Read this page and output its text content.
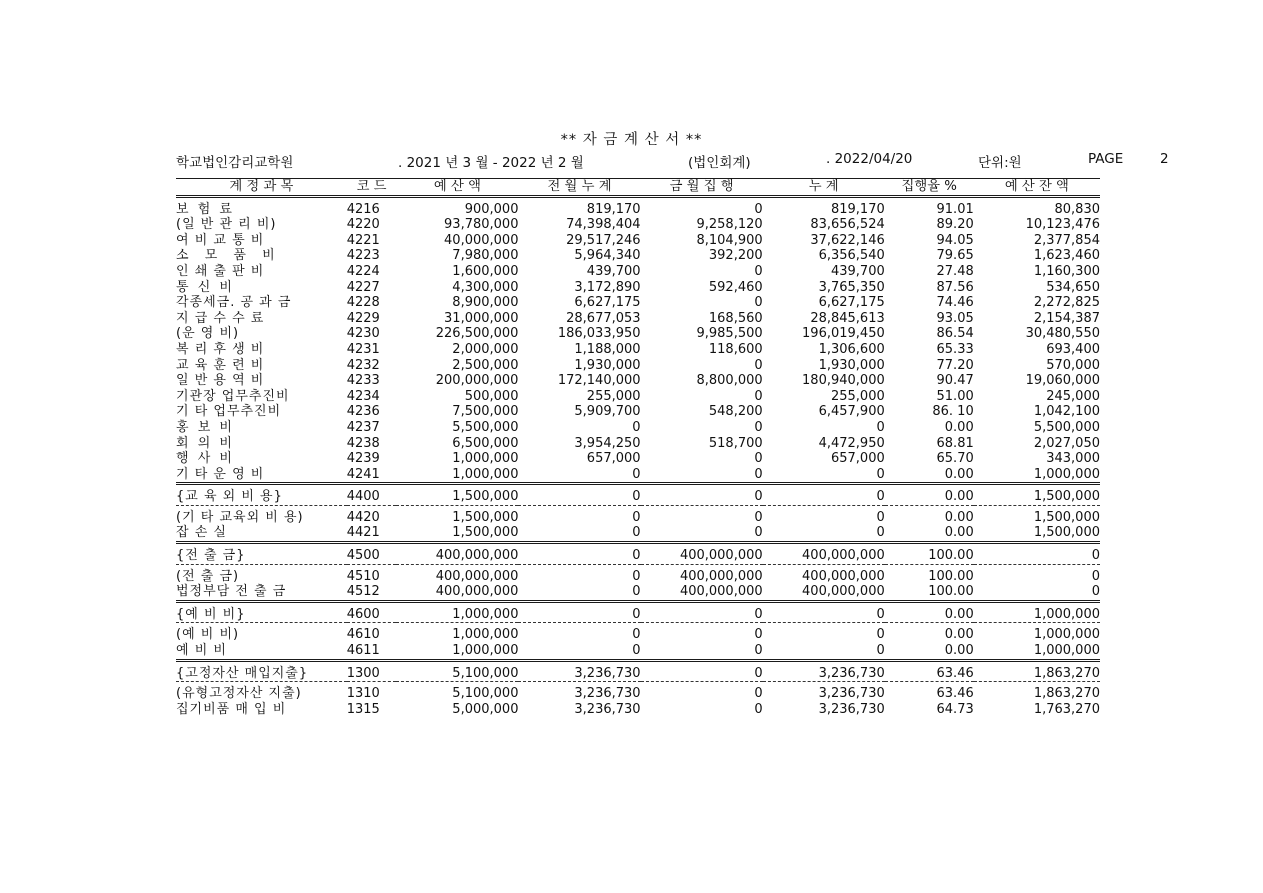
** 자 금 계 산 서 **
학교법인감리교학원	. 2021 년 3 월 - 2022 년 2 월	(법인회계)	. 2022/04/20	단위:원	PAGE	2

계 정 과 목	코 드	예 산 액	전 월 누 계	금 월 집 행	누 계	집행율 %	예 산 잔 액

보 험 료	4216	900,000	819,170	0	819,170	91.01	80,830

(일 반 관 리 비)	4220	93,780,000	74,398,404	9,258,120	83,656,524	89.20	10,123,476

여 비 교 통 비	4221	40,000,000	29,517,246	8,104,900	37,622,146	94.05	2,377,854

소 모 품 비	4223	7,980,000	5,964,340	392,200	6,356,540	79.65	1,623,460

인 쇄 출 판 비	4224	1,600,000	439,700	0	439,700	27.48	1,160,300

통 신 비	4227	4,300,000	3,172,890	592,460	3,765,350	87.56	534,650

각종세금. 공 과 금	4228	8,900,000	6,627,175	0	6,627,175	74.46	2,272,825

지 급 수 수 료	4229	31,000,000	28,677,053	168,560	28,845,613	93.05	2,154,387

(운 영 비)	4230	226,500,000	186,033,950	9,985,500	196,019,450	86.54	30,480,550

복 리 후 생 비	4231	2,000,000	1,188,000	118,600	1,306,600	65.33	693,400

교 육 훈 련 비	4232	2,500,000	1,930,000	0	1,930,000	77.20	570,000

일 반 용 역 비	4233	200,000,000	172,140,000	8,800,000	180,940,000	90.47	19,060,000

기관장 업무추진비	4234	500,000	255,000	0	255,000	51.00	245,000

기 타 업무추진비	4236	7,500,000	5,909,700	548,200	6,457,900	86. 10	1,042,100

홍 보 비	4237	5,500,000	0	0	0	0.00	5,500,000

회 의 비	4238	6,500,000	3,954,250	518,700	4,472,950	68.81	2,027,050

행 사 비	4239	1,000,000	657,000	0	657,000	65.70	343,000

기 타 운 영 비	4241	1,000,000	0	0	0	0.00	1,000,000

{교 육 외 비 용}	4400	1,500,000	0	0	0	0.00	1,500,000

(기 타 교육외 비 용)	4420	1,500,000	0	0	0	0.00	1,500,000

잡 손 실	4421	1,500,000	0	0	0	0.00	1,500,000

{전 출 금}	4500	400,000,000	0	400,000,000	400,000,000	100.00	0

(전 출 금)	4510	400,000,000	0	400,000,000	400,000,000	100.00	0

법정부담 전 출 금	4512	400,000,000	0	400,000,000	400,000,000	100.00	0

{예 비 비}	4600	1,000,000	0	0	0	0.00	1,000,000

(예 비 비)	4610	1,000,000	0	0	0	0.00	1,000,000

예 비 비	4611	1,000,000	0	0	0	0.00	1,000,000

{고정자산 매입지출}	1300	5,100,000	3,236,730	0	3,236,730	63.46	1,863,270

(유형고정자산 지출)	1310	5,100,000	3,236,730	0	3,236,730	63.46	1,863,270

집기비품 매 입 비	1315	5,000,000	3,236,730	0	3,236,730	64.73	1,763,270
